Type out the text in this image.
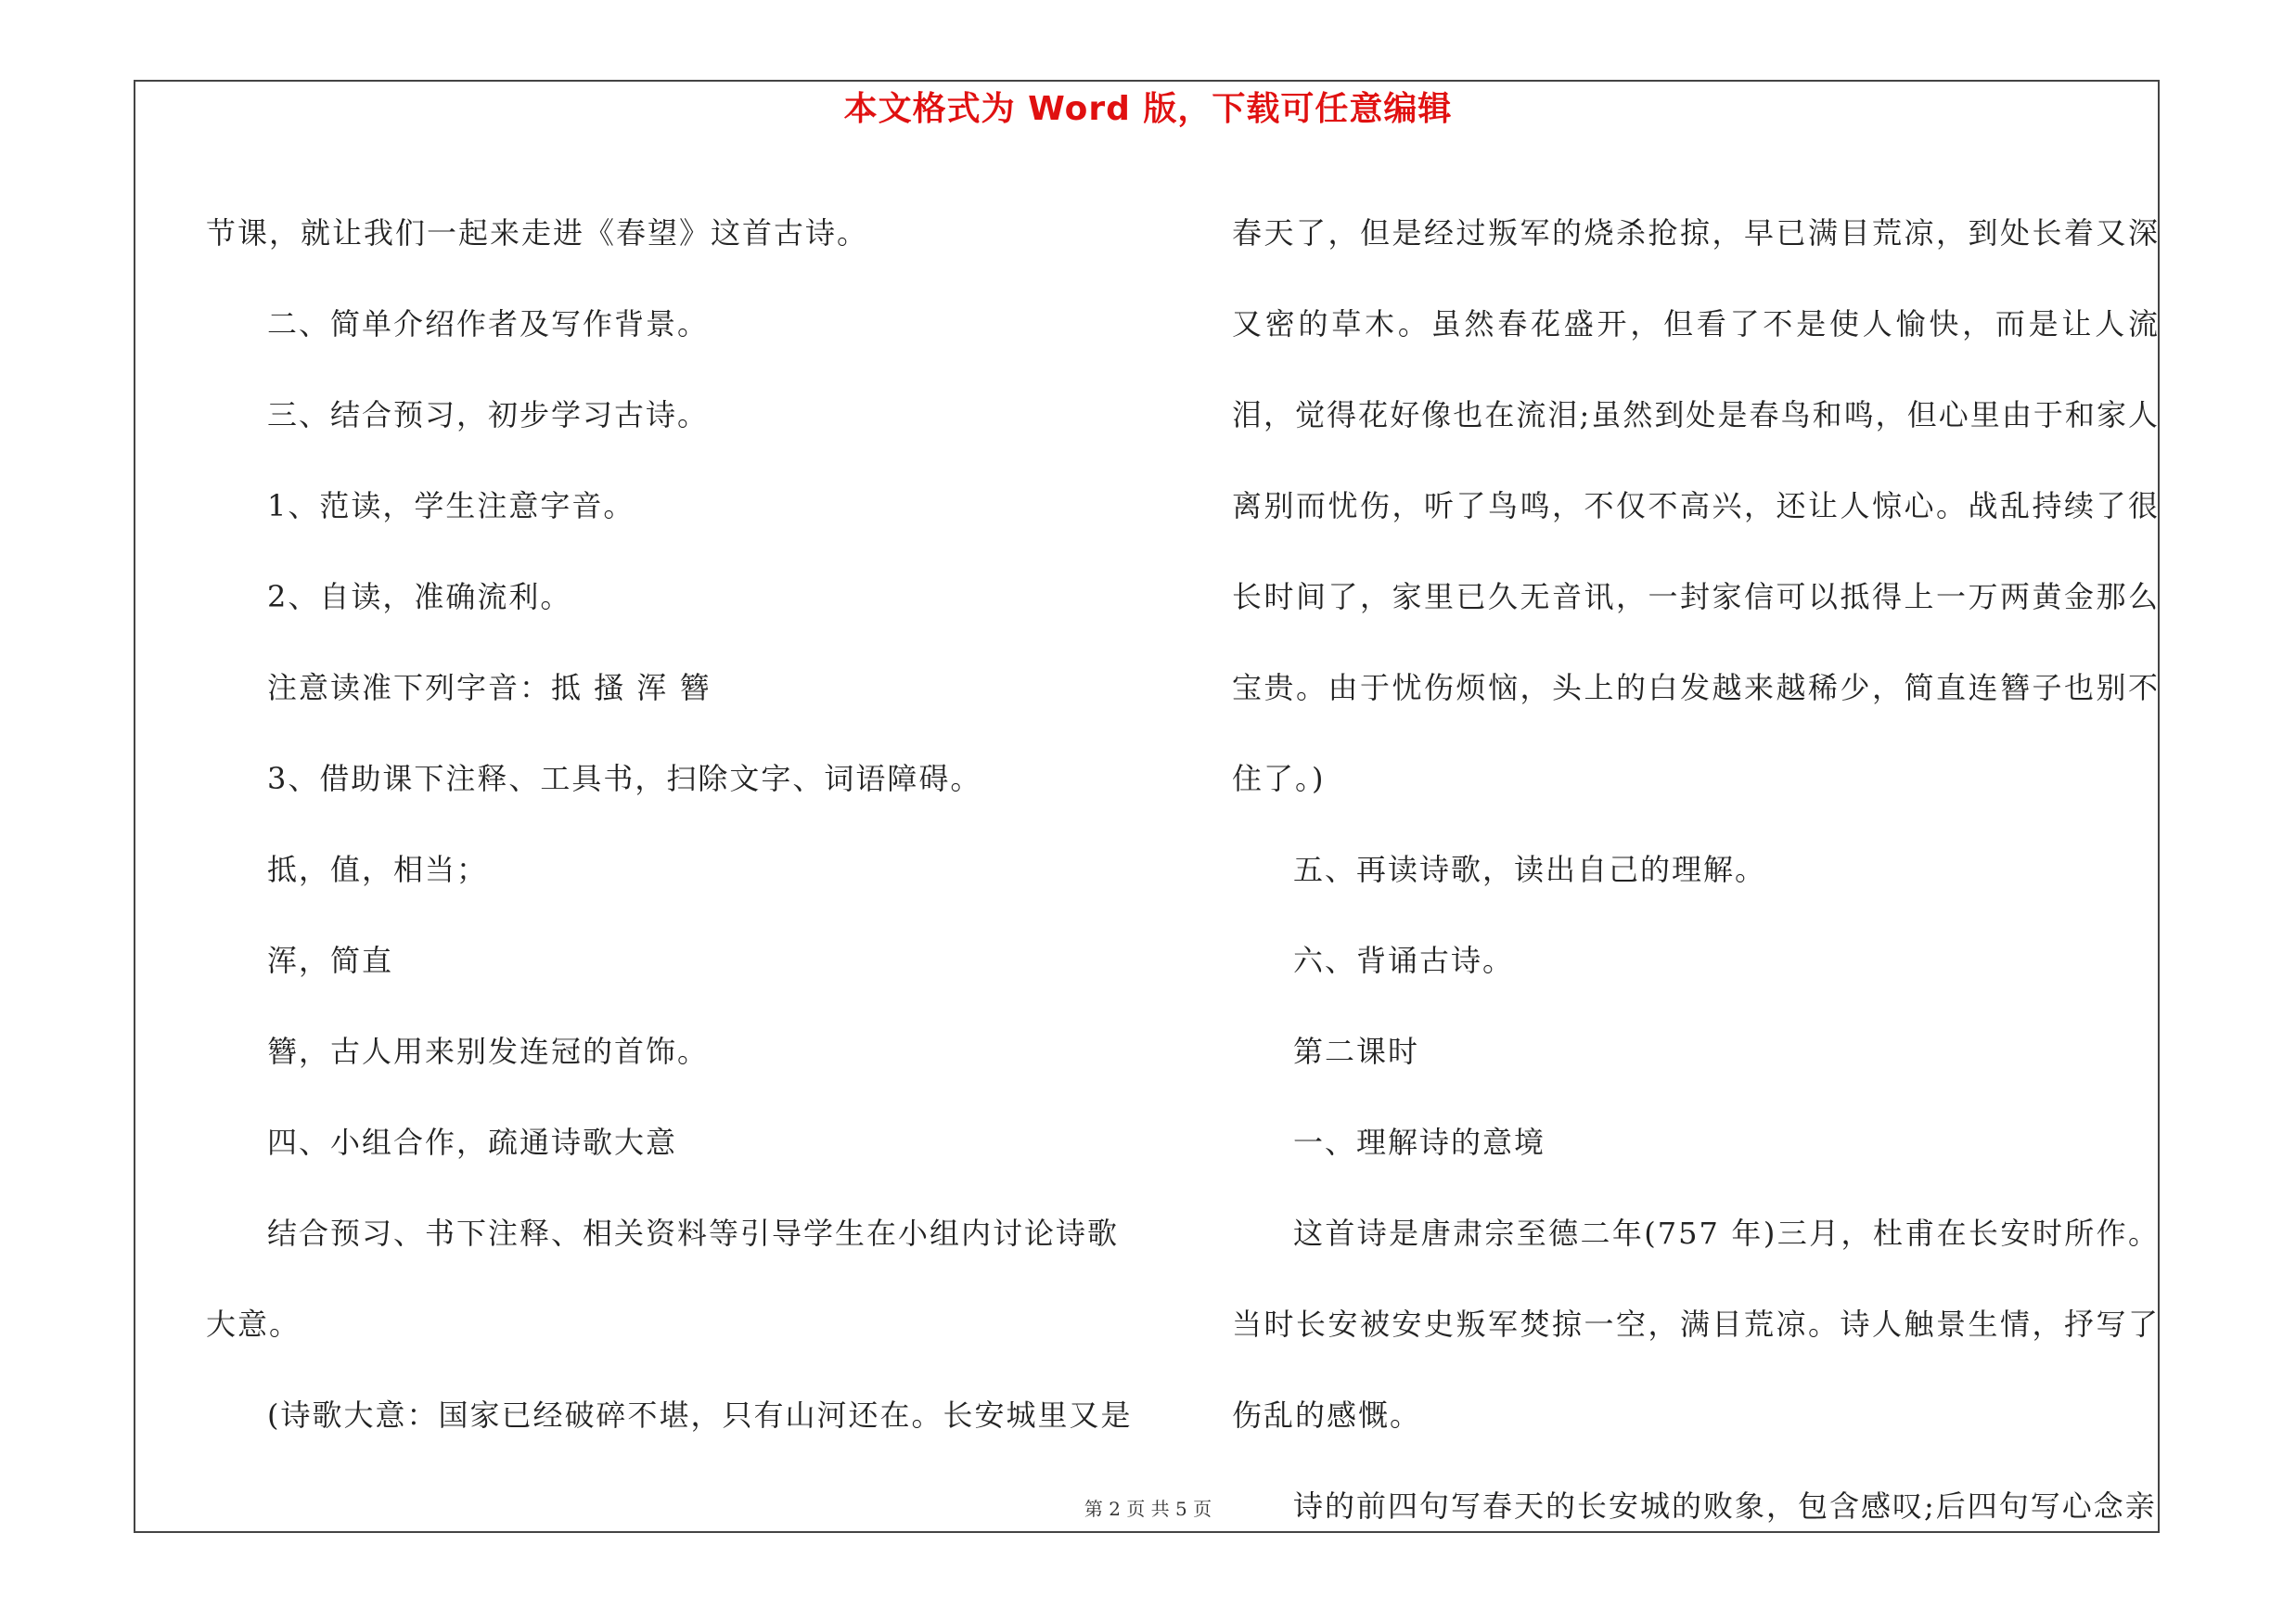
本文格式为 Word 版，下载可任意编辑

节课，就让我们一起来走进《春望》这首古诗。

二、简单介绍作者及写作背景。

三、结合预习，初步学习古诗。

1、范读，学生注意字音。

2、自读，准确流利。

注意读准下列字音：抵 搔 浑 簪

3、借助课下注释、工具书，扫除文字、词语障碍。

抵，值，相当；

浑，简直

簪，古人用来别发连冠的首饰。

四、小组合作，疏通诗歌大意

结合预习、书下注释、相关资料等引导学生在小组内讨论诗歌大意。

(诗歌大意：国家已经破碎不堪，只有山河还在。长安城里又是

春天了，但是经过叛军的烧杀抢掠，早已满目荒凉，到处长着又深又密的草木。虽然春花盛开，但看了不是使人愉快，而是让人流泪，觉得花好像也在流泪;虽然到处是春鸟和鸣，但心里由于和家人离别而忧伤，听了鸟鸣，不仅不高兴，还让人惊心。战乱持续了很长时间了，家里已久无音讯，一封家信可以抵得上一万两黄金那么宝贵。由于忧伤烦恼，头上的白发越来越稀少，简直连簪子也别不住了。)

五、再读诗歌，读出自己的理解。

六、背诵古诗。

第二课时

一、理解诗的意境

这首诗是唐肃宗至德二年(757 年)三月，杜甫在长安时所作。当时长安被安史叛军焚掠一空，满目荒凉。诗人触景生情，抒写了伤乱的感慨。

诗的前四句写春天的长安城的败象，包含感叹;后四句写心念亲

第 2 页 共 5 页
